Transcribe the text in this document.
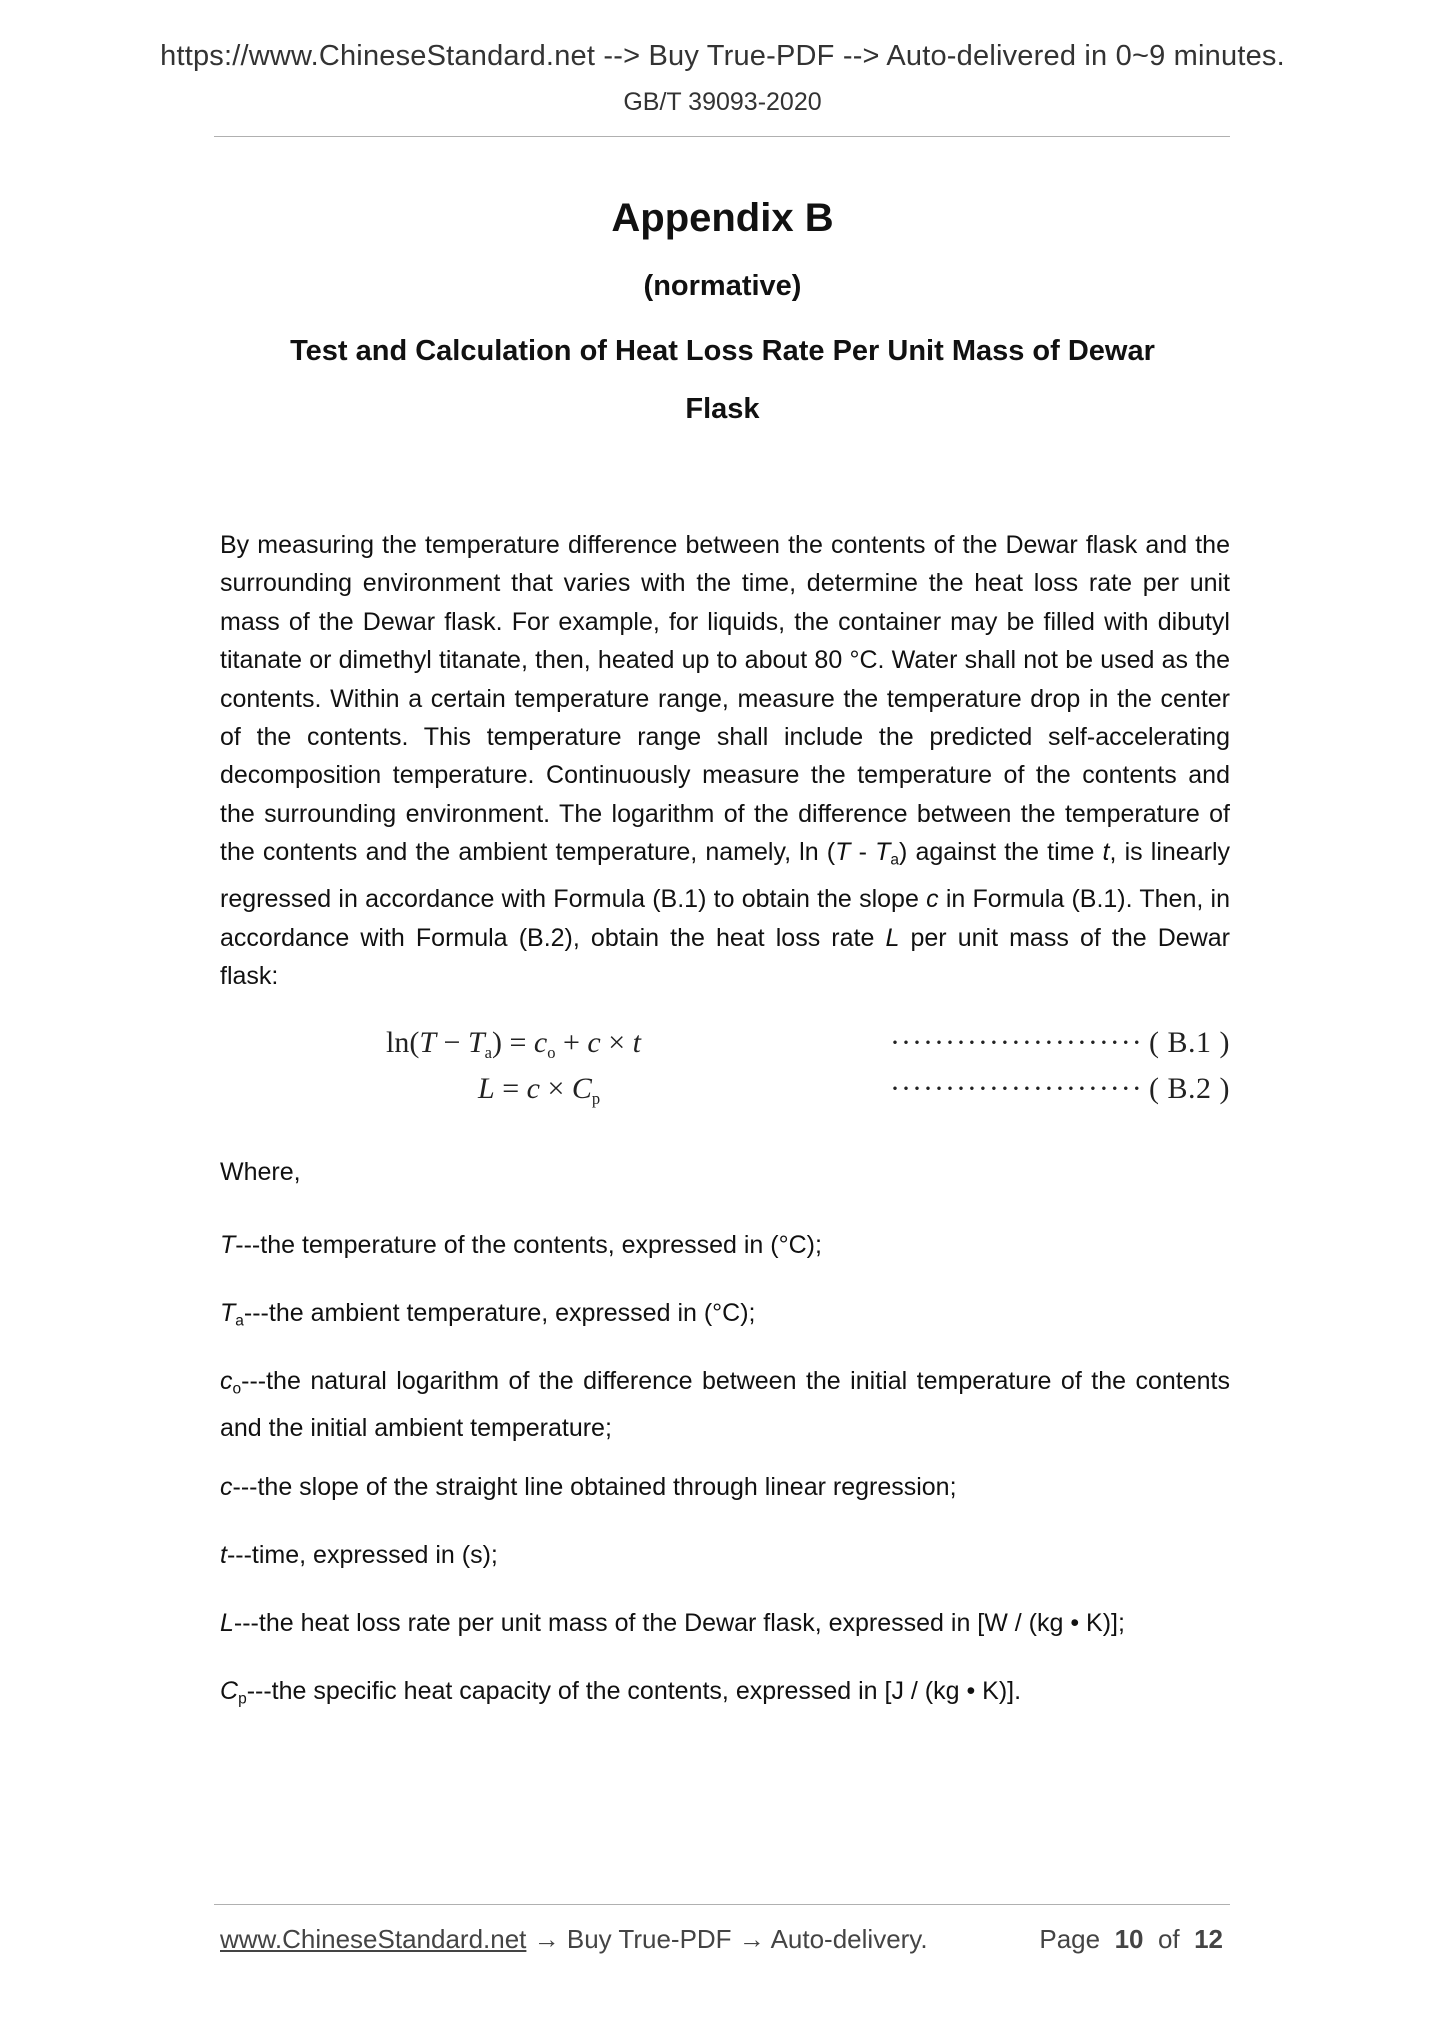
https://www.ChineseStandard.net --> Buy True-PDF --> Auto-delivered in 0~9 minutes.
GB/T 39093-2020
Appendix B
(normative)
Test and Calculation of Heat Loss Rate Per Unit Mass of Dewar
Flask
By measuring the temperature difference between the contents of the Dewar flask and the surrounding environment that varies with the time, determine the heat loss rate per unit mass of the Dewar flask. For example, for liquids, the container may be filled with dibutyl titanate or dimethyl titanate, then, heated up to about 80 °C. Water shall not be used as the contents. Within a certain temperature range, measure the temperature drop in the center of the contents. This temperature range shall include the predicted self-accelerating decomposition temperature. Continuously measure the temperature of the contents and the surrounding environment. The logarithm of the difference between the temperature of the contents and the ambient temperature, namely, ln (T - Ta) against the time t, is linearly regressed in accordance with Formula (B.1) to obtain the slope c in Formula (B.1). Then, in accordance with Formula (B.2), obtain the heat loss rate L per unit mass of the Dewar flask:
$\ln(T - T_a) = c_o + c \times t$	······················· ( B.1 )
$L = c \times C_p$	······················· ( B.2 )
Where,
T---the temperature of the contents, expressed in (°C);
Ta---the ambient temperature, expressed in (°C);
co---the natural logarithm of the difference between the initial temperature of the contents and the initial ambient temperature;
c---the slope of the straight line obtained through linear regression;
t---time, expressed in (s);
L---the heat loss rate per unit mass of the Dewar flask, expressed in [W / (kg • K)];
Cp---the specific heat capacity of the contents, expressed in [J / (kg • K)].
www.ChineseStandard.net → Buy True-PDF → Auto-delivery.	Page 10 of 12
